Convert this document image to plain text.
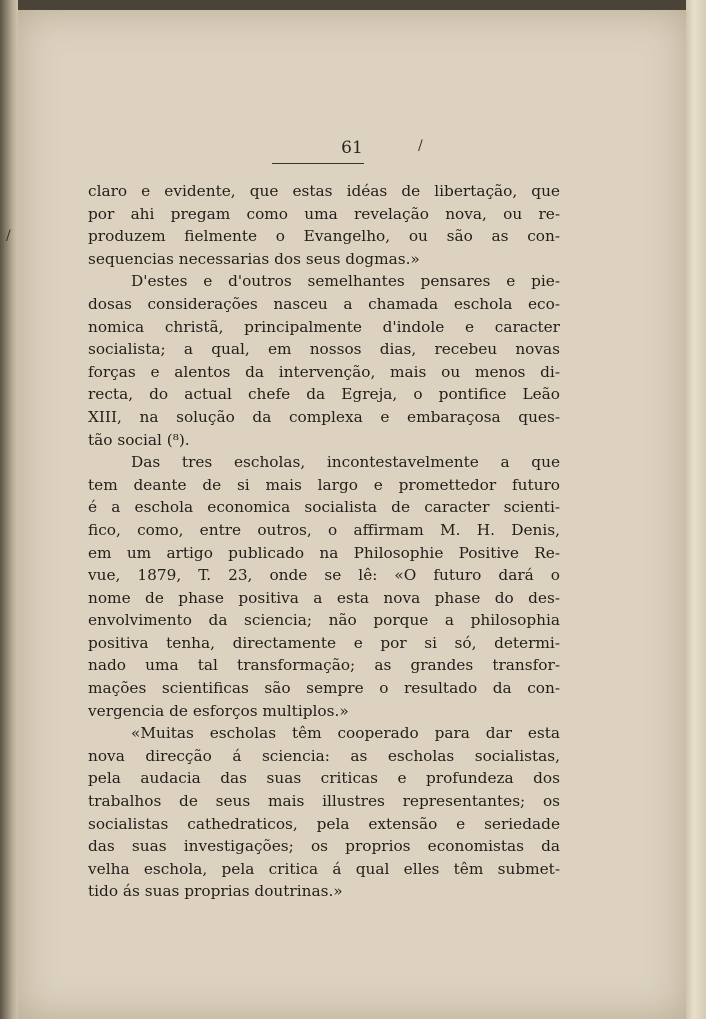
61	/
/
claro e evidente, que estas idéas de libertação, que
por ahi pregam como uma revelação nova, ou re-
produzem fielmente o Evangelho, ou são as con-
sequencias necessarias dos seus dogmas.»
D'estes e d'outros semelhantes pensares e pie-
dosas considerações nasceu a chamada eschola eco-
nomica christã, principalmente d'indole e caracter
socialista; a qual, em nossos dias, recebeu novas
forças e alentos da intervenção, mais ou menos di-
recta, do actual chefe da Egreja, o pontifice Leão
XIII, na solução da complexa e embaraçosa ques-
tão social (⁸).
Das tres escholas, incontestavelmente a que
tem deante de si mais largo e promettedor futuro
é a eschola economica socialista de caracter scienti-
fico, como, entre outros, o affirmam M. H. Denis,
em um artigo publicado na Philosophie Positive Re-
vue, 1879, T. 23, onde se lê: «O futuro dará o
nome de phase positiva a esta nova phase do des-
envolvimento da sciencia; não porque a philosophia
positiva tenha, directamente e por si só, determi-
nado uma tal transformação; as grandes transfor-
mações scientificas são sempre o resultado da con-
vergencia de esforços multiplos.»
«Muitas escholas têm cooperado para dar esta
nova direcção á sciencia: as escholas socialistas,
pela audacia das suas criticas e profundeza dos
trabalhos de seus mais illustres representantes; os
socialistas cathedraticos, pela extensão e seriedade
das suas investigações; os proprios economistas da
velha eschola, pela critica á qual elles têm submet-
tido ás suas proprias doutrinas.»
